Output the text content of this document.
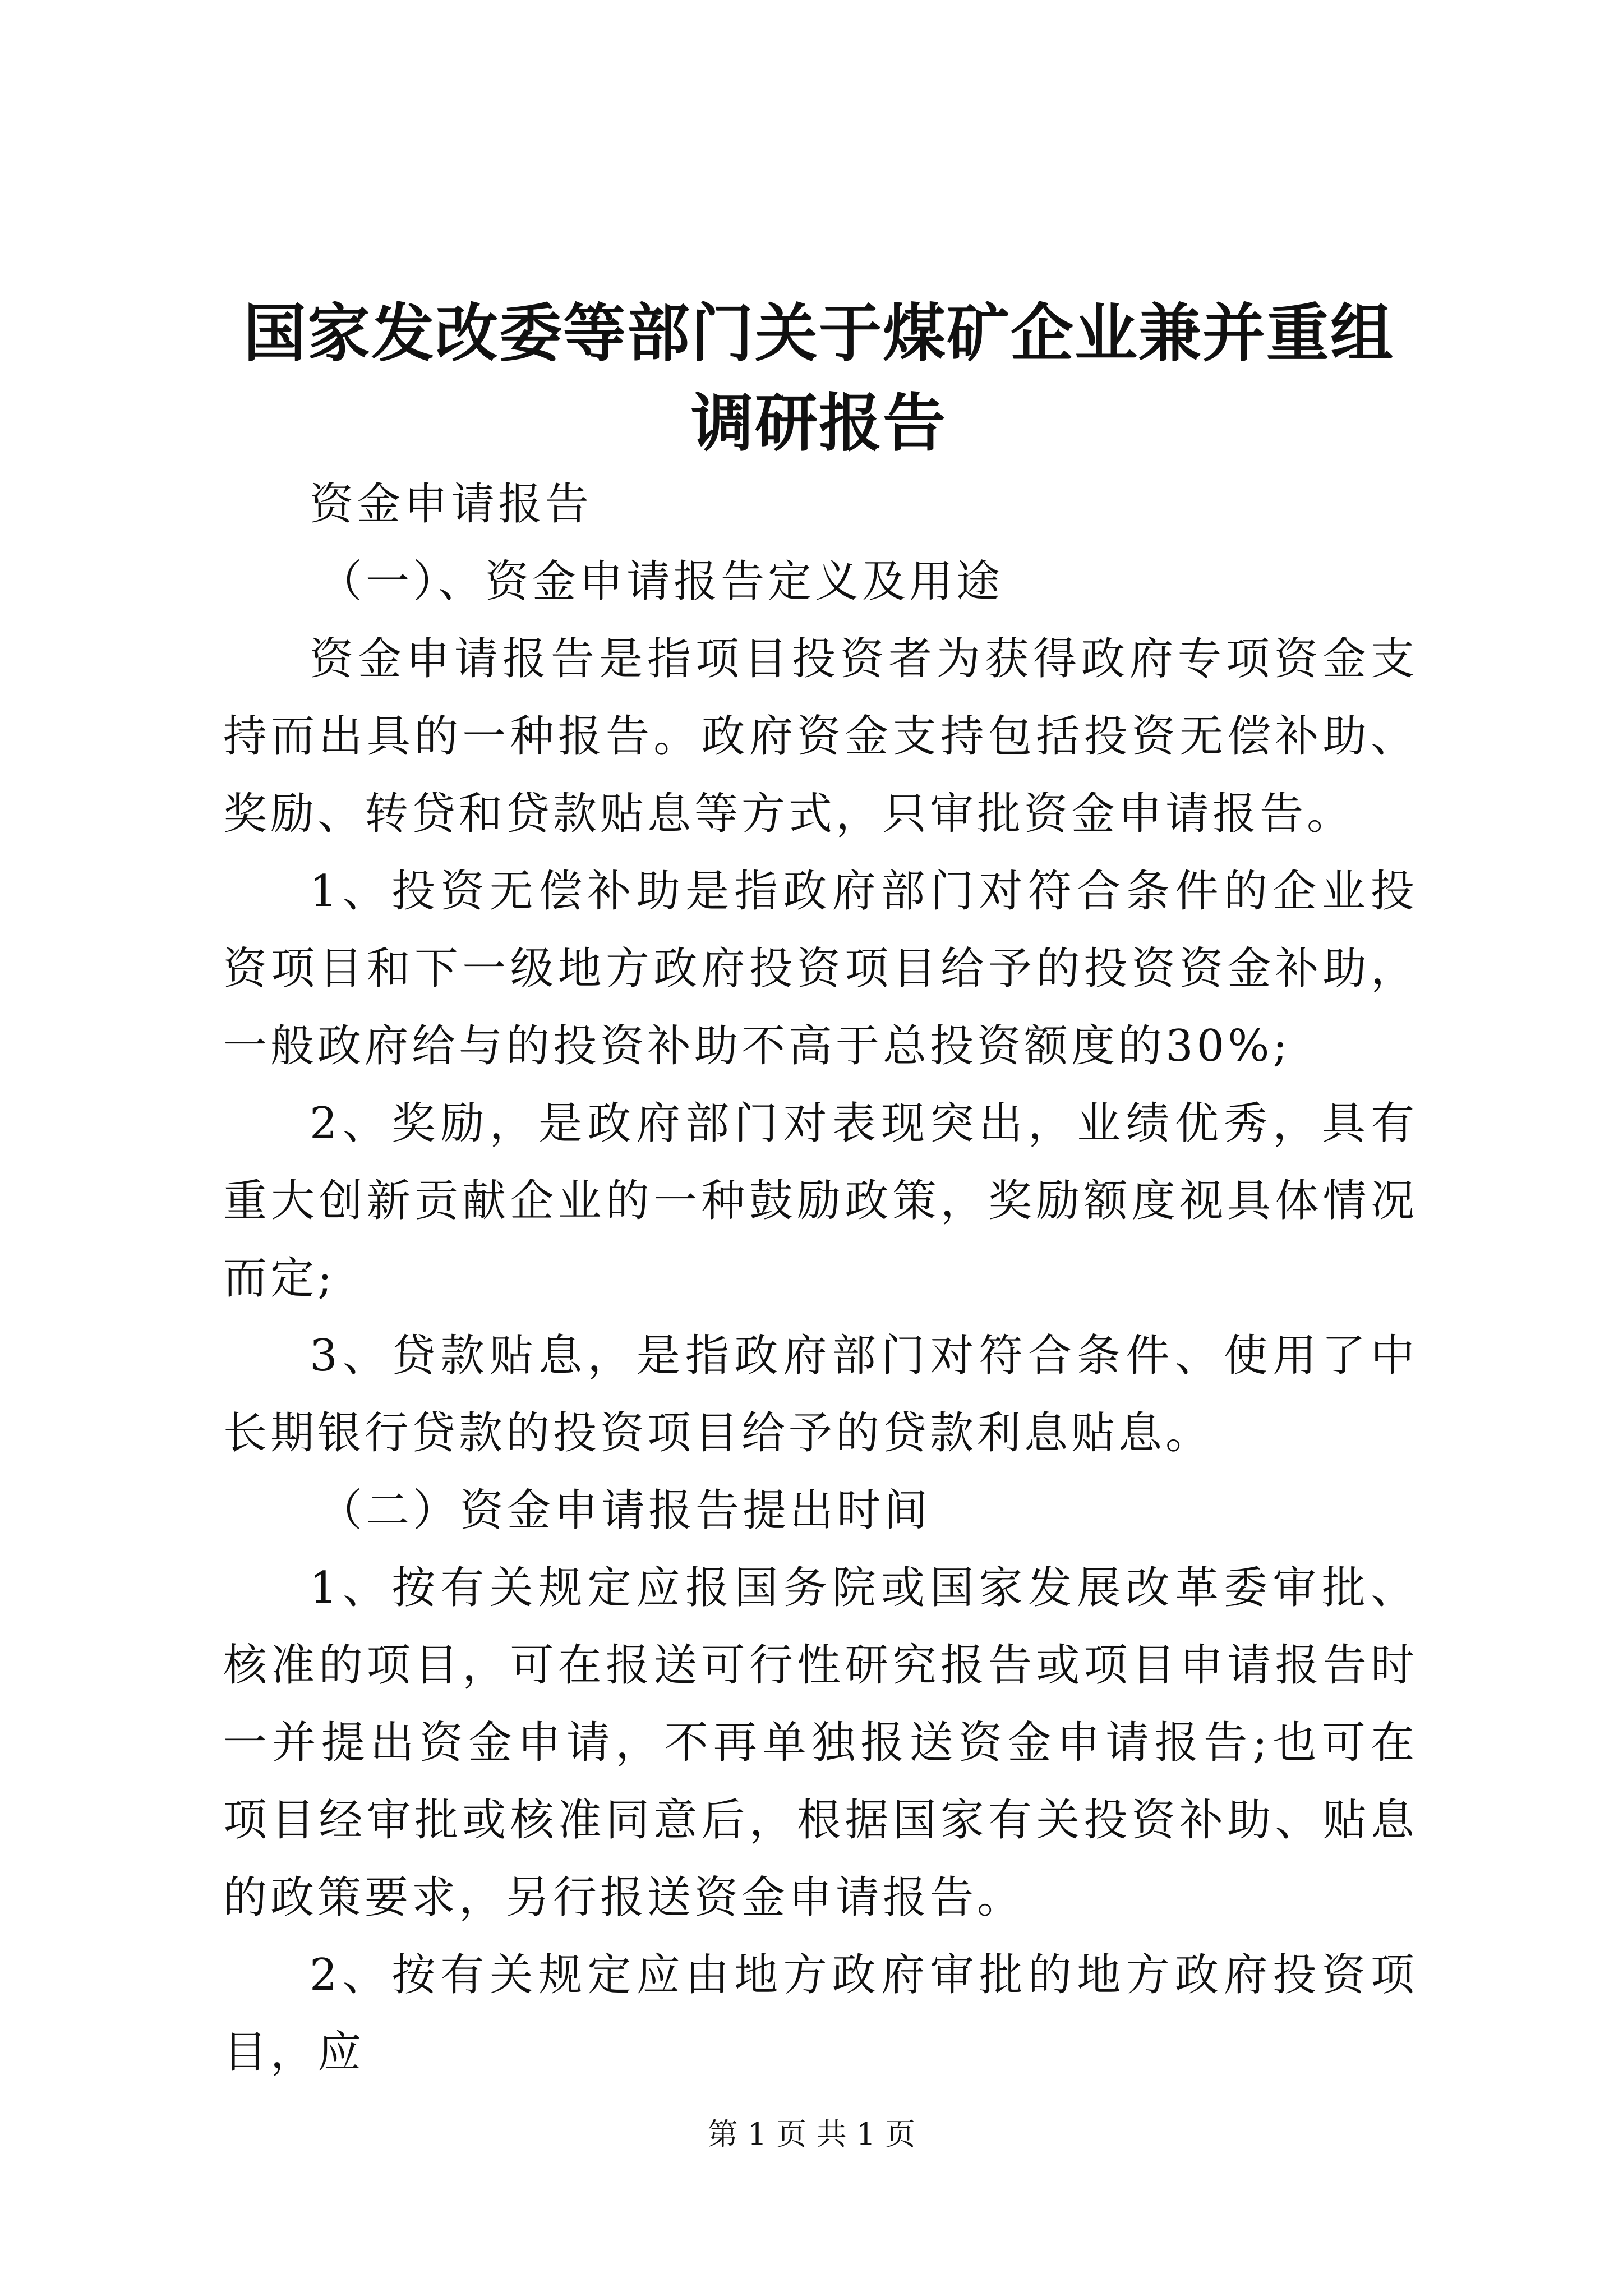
国家发改委等部门关于煤矿企业兼并重组调研报告

资金申请报告

（一）、资金申请报告定义及用途

资金申请报告是指项目投资者为获得政府专项资金支持而出具的一种报告。政府资金支持包括投资无偿补助、奖励、转贷和贷款贴息等方式，只审批资金申请报告。

1、投资无偿补助是指政府部门对符合条件的企业投资项目和下一级地方政府投资项目给予的投资资金补助，一般政府给与的投资补助不高于总投资额度的30%;

2、奖励，是政府部门对表现突出，业绩优秀，具有重大创新贡献企业的一种鼓励政策，奖励额度视具体情况而定;

3、贷款贴息，是指政府部门对符合条件、使用了中长期银行贷款的投资项目给予的贷款利息贴息。

（二）资金申请报告提出时间

1、按有关规定应报国务院或国家发展改革委审批、核准的项目，可在报送可行性研究报告或项目申请报告时一并提出资金申请，不再单独报送资金申请报告;也可在项目经审批或核准同意后，根据国家有关投资补助、贴息的政策要求，另行报送资金申请报告。

2、按有关规定应由地方政府审批的地方政府投资项目，应

第 1 页 共 1 页
